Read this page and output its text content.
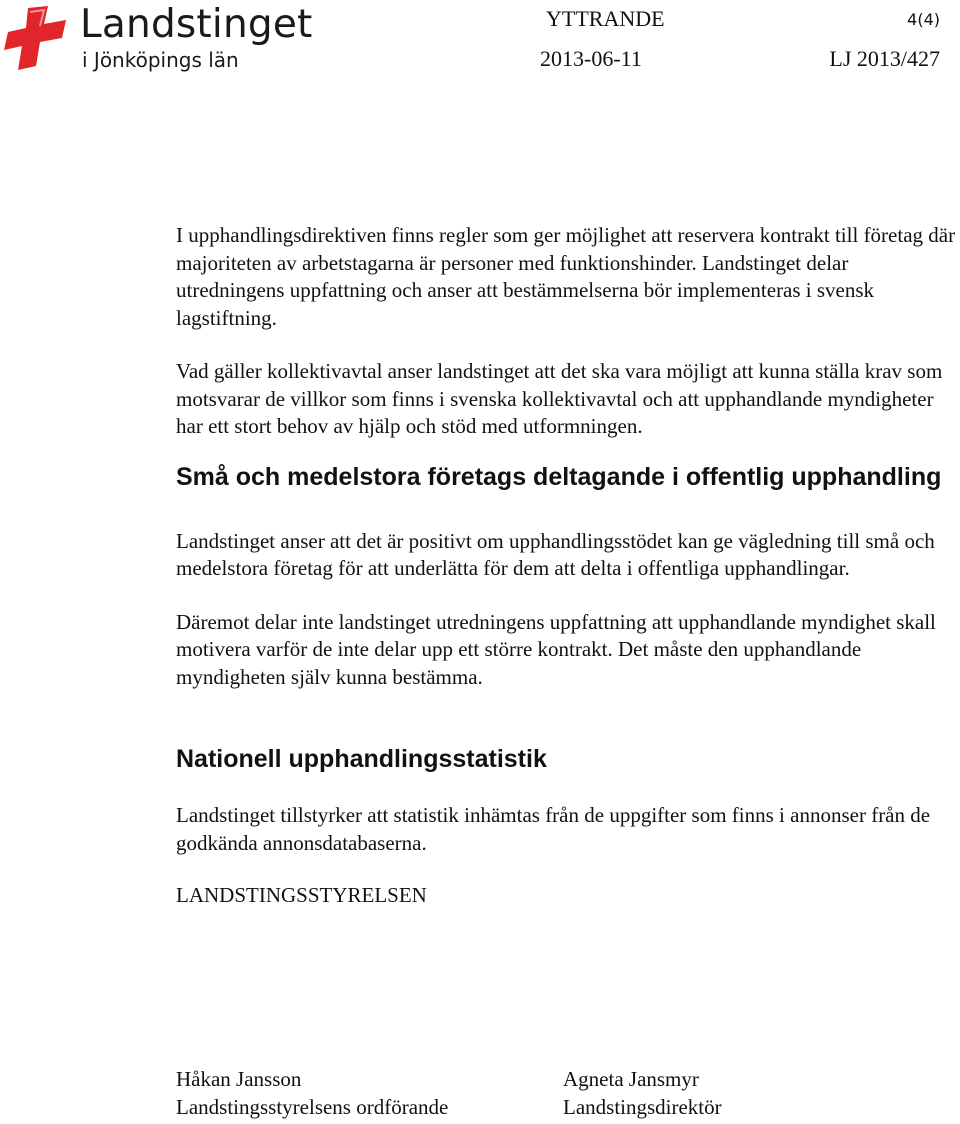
Landstinget
i Jönköpings län
YTTRANDE	4(4)
2013-06-11	LJ 2013/427

I upphandlingsdirektiven finns regler som ger möjlighet att reservera kontrakt till företag där majoriteten av arbetstagarna är personer med funktionshinder. Landstinget delar utredningens uppfattning och anser att bestämmelserna bör implementeras i svensk lagstiftning.

Vad gäller kollektivavtal anser landstinget att det ska vara möjligt att kunna ställa krav som motsvarar de villkor som finns i svenska kollektivavtal och att upphandlande myndigheter har ett stort behov av hjälp och stöd med utformningen.

Små och medelstora företags deltagande i offentlig upphandling

Landstinget anser att det är positivt om upphandlingsstödet kan ge vägledning till små och medelstora företag för att underlätta för dem att delta i offentliga upphandlingar.

Däremot delar inte landstinget utredningens uppfattning att upphandlande myndighet skall motivera varför de inte delar upp ett större kontrakt. Det måste den upphandlande myndigheten själv kunna bestämma.

Nationell upphandlingsstatistik

Landstinget tillstyrker att statistik inhämtas från de uppgifter som finns i annonser från de godkända annonsdatabaserna.

LANDSTINGSSTYRELSEN

Håkan Jansson
Landstingsstyrelsens ordförande
Agneta Jansmyr
Landstingsdirektör
